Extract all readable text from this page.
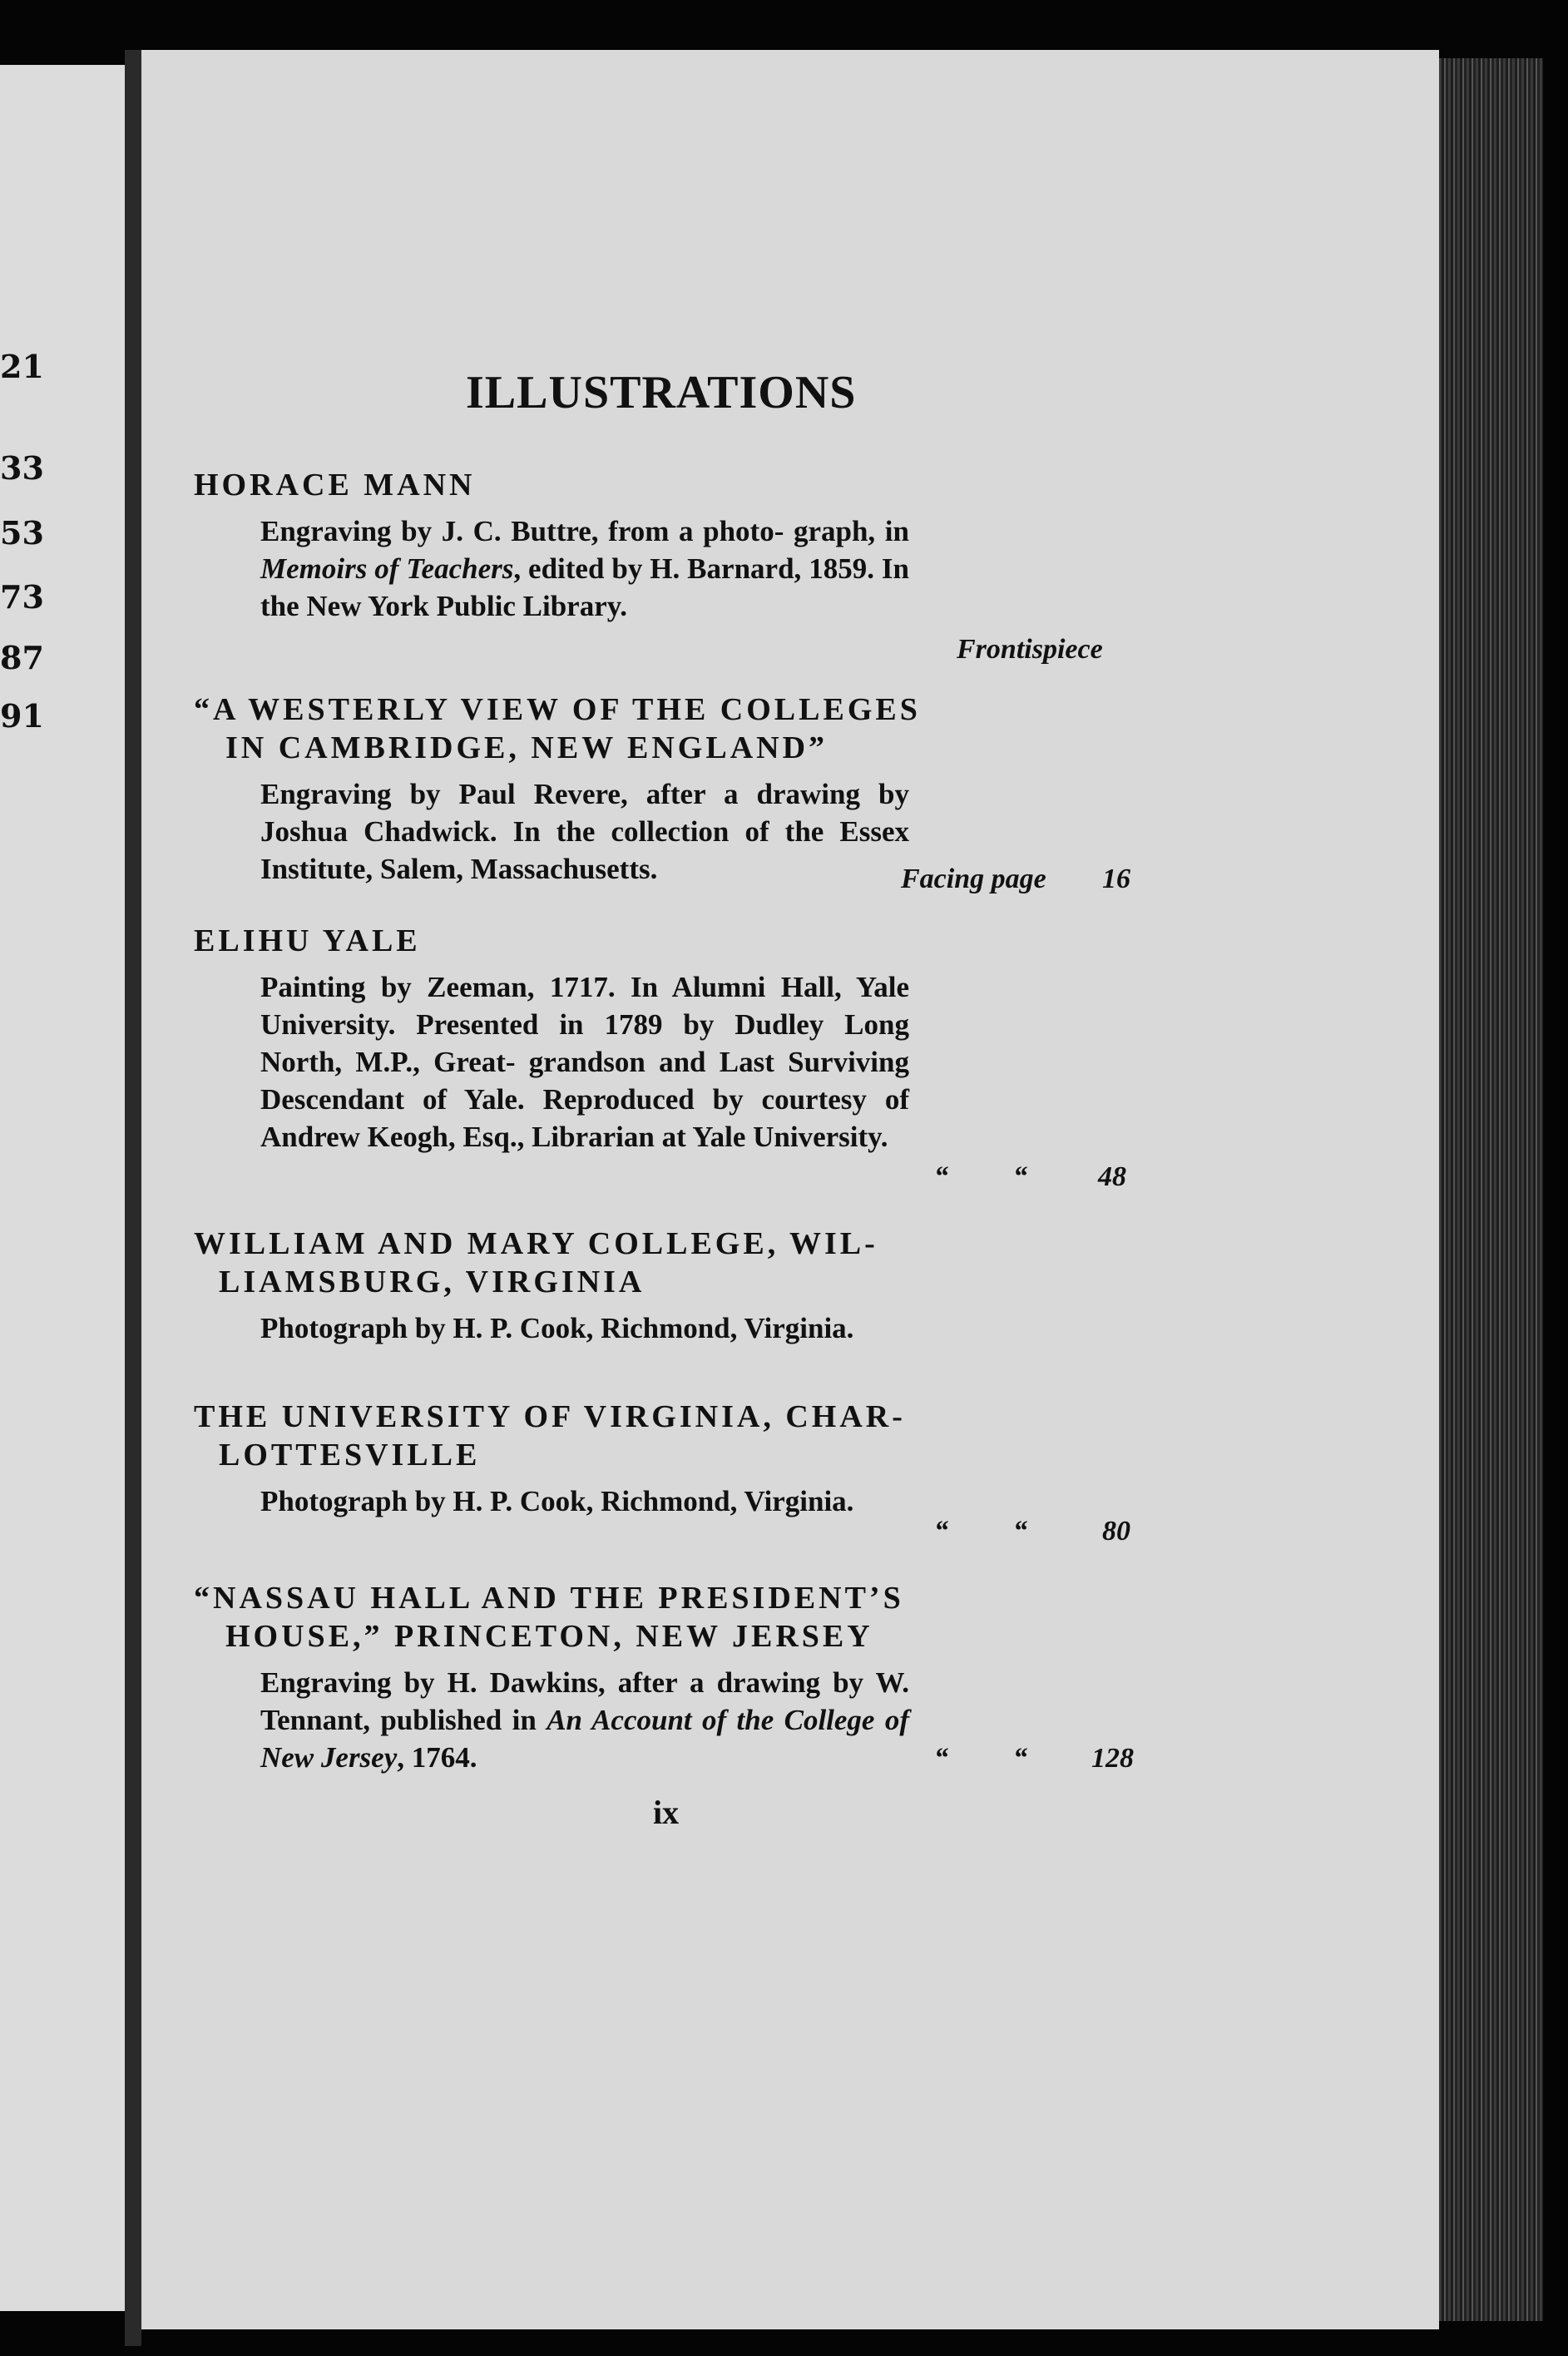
21
33
53
73
87
91
ILLUSTRATIONS
HORACE MANN
Engraving by J. C. Buttre, from a photo- graph, in Memoirs of Teachers, edited by H. Barnard, 1859. In the New York Public Library.
Frontispiece
“A WESTERLY VIEW OF THE COLLEGES
IN CAMBRIDGE, NEW ENGLAND”
Engraving by Paul Revere, after a drawing by Joshua Chadwick. In the collection of the Essex Institute, Salem, Massachusetts.	Facing page 16
ELIHU YALE
Painting by Zeeman, 1717. In Alumni Hall, Yale University. Presented in 1789 by Dudley Long North, M.P., Great- grandson and Last Surviving Descendant of Yale. Reproduced by courtesy of Andrew Keogh, Esq., Librarian at Yale University.
“ “	48
WILLIAM AND MARY COLLEGE, WIL-
LIAMSBURG, VIRGINIA
Photograph by H. P. Cook, Richmond, Virginia.
THE UNIVERSITY OF VIRGINIA, CHAR-
LOTTESVILLE
Photograph by H. P. Cook, Richmond, Virginia.
“ “	80
“NASSAU HALL AND THE PRESIDENT’S
HOUSE,” PRINCETON, NEW JERSEY
Engraving by H. Dawkins, after a drawing by W. Tennant, published in An Account of the College of New Jersey, 1764.	“ “ 128
ix
